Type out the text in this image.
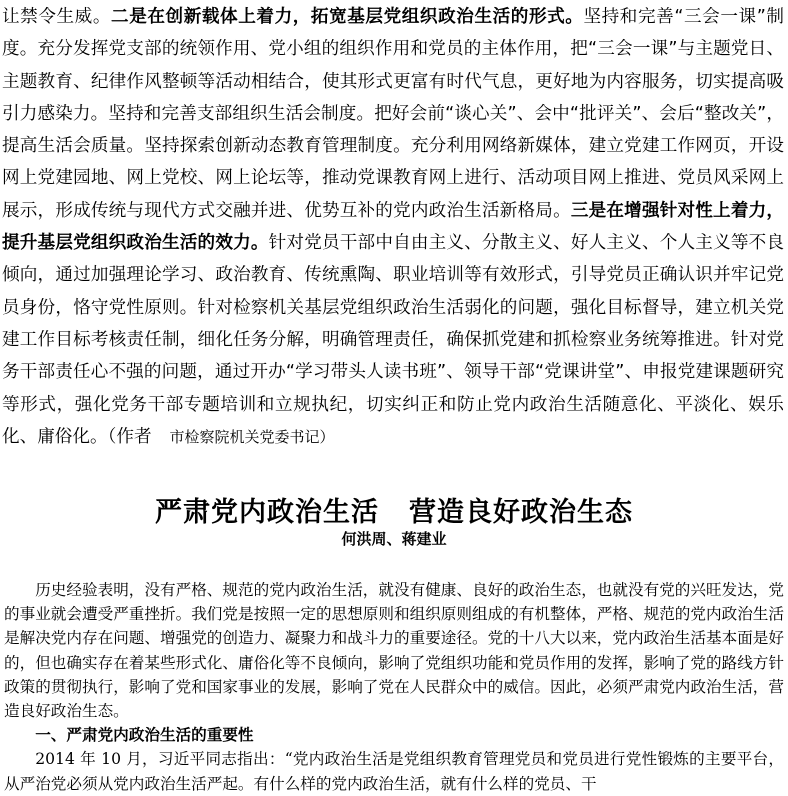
让禁令生威。二是在创新载体上着力，拓宽基层党组织政治生活的形式。坚持和完善“三会一课”制度。充分发挥党支部的统领作用、党小组的组织作用和党员的主体作用，把“三会一课”与主题党日、主题教育、纪律作风整顿等活动相结合，使其形式更富有时代气息，更好地为内容服务，切实提高吸引力感染力。坚持和完善支部组织生活会制度。把好会前“谈心关”、会中“批评关”、会后“整改关”，提高生活会质量。坚持探索创新动态教育管理制度。充分利用网络新媒体，建立党建工作网页，开设网上党建园地、网上党校、网上论坛等，推动党课教育网上进行、活动项目网上推进、党员风采网上展示，形成传统与现代方式交融并进、优势互补的党内政治生活新格局。三是在增强针对性上着力，提升基层党组织政治生活的效力。针对党员干部中自由主义、分散主义、好人主义、个人主义等不良倾向，通过加强理论学习、政治教育、传统熏陶、职业培训等有效形式，引导党员正确认识并牢记党员身份，恪守党性原则。针对检察机关基层党组织政治生活弱化的问题，强化目标督导，建立机关党建工作目标考核责任制，细化任务分解，明确管理责任，确保抓党建和抓检察业务统筹推进。针对党务干部责任心不强的问题，通过开办“学习带头人读书班”、领导干部“党课讲堂”、申报党建课题研究等形式，强化党务干部专题培训和立规执纪，切实纠正和防止党内政治生活随意化、平淡化、娱乐化、庸俗化。（作者 市检察院机关党委书记）
严肃党内政治生活 营造良好政治生态
何洪周、蒋建业

历史经验表明，没有严格、规范的党内政治生活，就没有健康、良好的政治生态，也就没有党的兴旺发达，党的事业就会遭受严重挫折。我们党是按照一定的思想原则和组织原则组成的有机整体，严格、规范的党内政治生活是解决党内存在问题、增强党的创造力、凝聚力和战斗力的重要途径。党的十八大以来，党内政治生活基本面是好的，但也确实存在着某些形式化、庸俗化等不良倾向，影响了党组织功能和党员作用的发挥，影响了党的路线方针政策的贯彻执行，影响了党和国家事业的发展，影响了党在人民群众中的威信。因此，必须严肃党内政治生活，营造良好政治生态。

一、严肃党内政治生活的重要性

2014 年 10 月，习近平同志指出：“党内政治生活是党组织教育管理党员和党员进行党性锻炼的主要平台，从严治党必须从党内政治生活严起。有什么样的党内政治生活，就有什么样的党员、干
